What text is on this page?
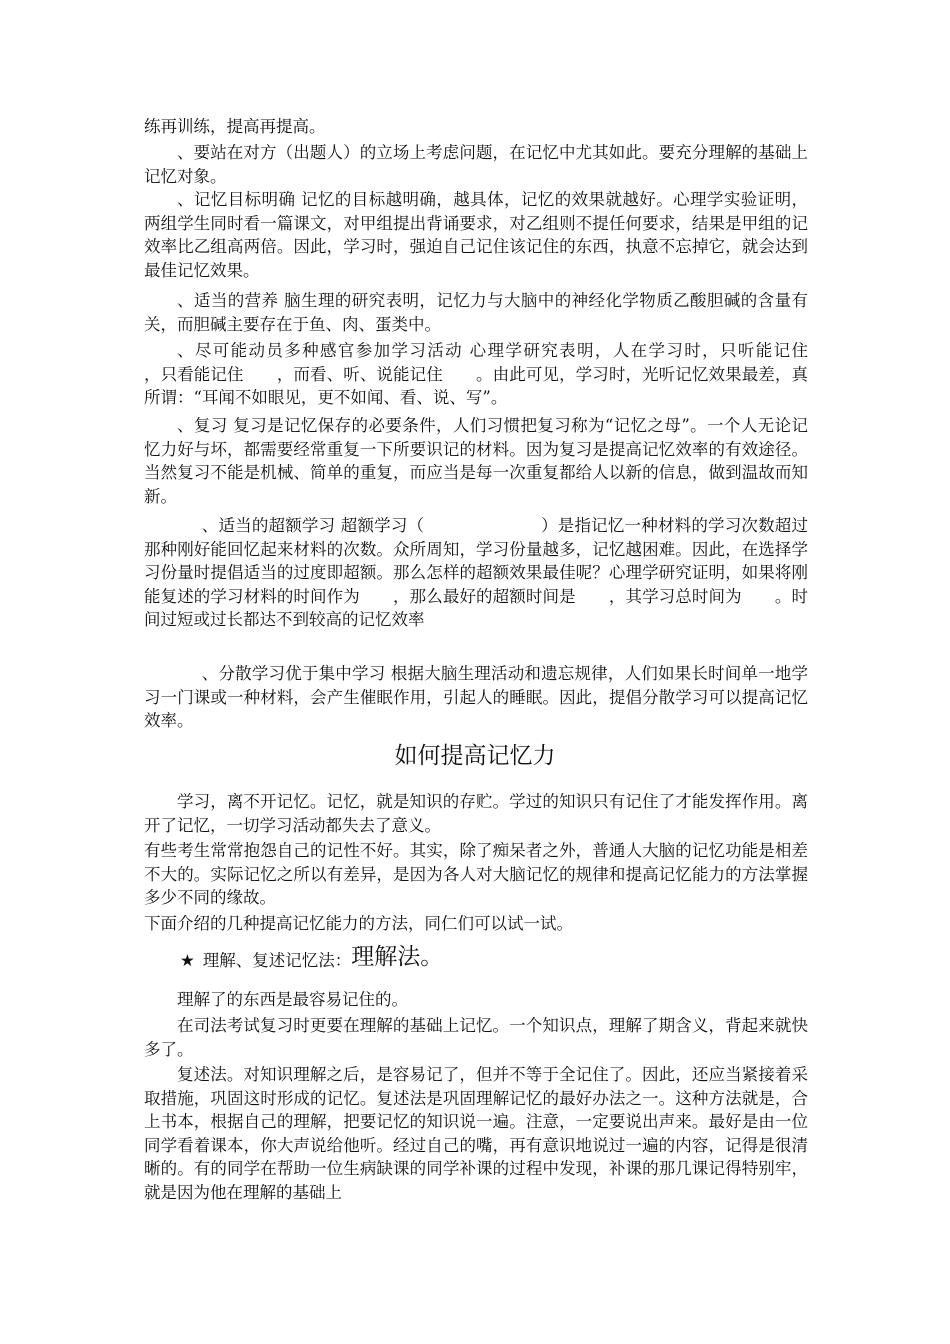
练再训练，提高再提高。

、要站在对方（出题人）的立场上考虑问题，在记忆中尤其如此。要充分理解的基础上记忆对象。

、记忆目标明确 记忆的目标越明确，越具体，记忆的效果就越好。心理学实验证明，两组学生同时看一篇课文，对甲组提出背诵要求，对乙组则不提任何要求，结果是甲组的记效率比乙组高两倍。因此，学习时，强迫自己记住该记住的东西，执意不忘掉它，就会达到最佳记忆效果。

、适当的营养 脑生理的研究表明，记忆力与大脑中的神经化学物质乙酸胆碱的含量有关，而胆碱主要存在于鱼、肉、蛋类中。

、尽可能动员多种感官参加学习活动 心理学研究表明，人在学习时，只听能记住　　，只看能记住　　，而看、听、说能记住　　。由此可见，学习时，光听记忆效果最差，真所谓：“耳闻不如眼见，更不如闻、看、说、写”。

、复习 复习是记忆保存的必要条件，人们习惯把复习称为“记忆之母”。一个人无论记忆力好与坏，都需要经常重复一下所要识记的材料。因为复习是提高记忆效率的有效途径。当然复习不能是机械、简单的重复，而应当是每一次重复都给人以新的信息，做到温故而知新。

、适当的超额学习 超额学习（　　　　　　　）是指记忆一种材料的学习次数超过那种刚好能回忆起来材料的次数。众所周知，学习份量越多，记忆越困难。因此，在选择学习份量时提倡适当的过度即超额。那么怎样的超额效果最佳呢？心理学研究证明，如果将刚能复述的学习材料的时间作为　　，那么最好的超额时间是　　，其学习总时间为　　。时间过短或过长都达不到较高的记忆效率

、分散学习优于集中学习 根据大脑生理活动和遗忘规律，人们如果长时间单一地学习一门课或一种材料，会产生催眠作用，引起人的睡眠。因此，提倡分散学习可以提高记忆效率。

如何提高记忆力

学习，离不开记忆。记忆，就是知识的存贮。学过的知识只有记住了才能发挥作用。离开了记忆，一切学习活动都失去了意义。

有些考生常常抱怨自己的记性不好。其实，除了痴呆者之外，普通人大脑的记忆功能是相差不大的。实际记忆之所以有差异，是因为各人对大脑记忆的规律和提高记忆能力的方法掌握多少不同的缘故。

下面介绍的几种提高记忆能力的方法，同仁们可以试一试。

★ 理解、复述记忆法：理解法。

理解了的东西是最容易记住的。

在司法考试复习时更要在理解的基础上记忆。一个知识点，理解了期含义，背起来就快多了。

复述法。对知识理解之后，是容易记了，但并不等于全记住了。因此，还应当紧接着采取措施，巩固这时形成的记忆。复述法是巩固理解记忆的最好办法之一。这种方法就是，合上书本，根据自己的理解，把要记忆的知识说一遍。注意，一定要说出声来。最好是由一位同学看着课本，你大声说给他听。经过自己的嘴，再有意识地说过一遍的内容，记得是很清晰的。有的同学在帮助一位生病缺课的同学补课的过程中发现，补课的那几课记得特别牢，就是因为他在理解的基础上
